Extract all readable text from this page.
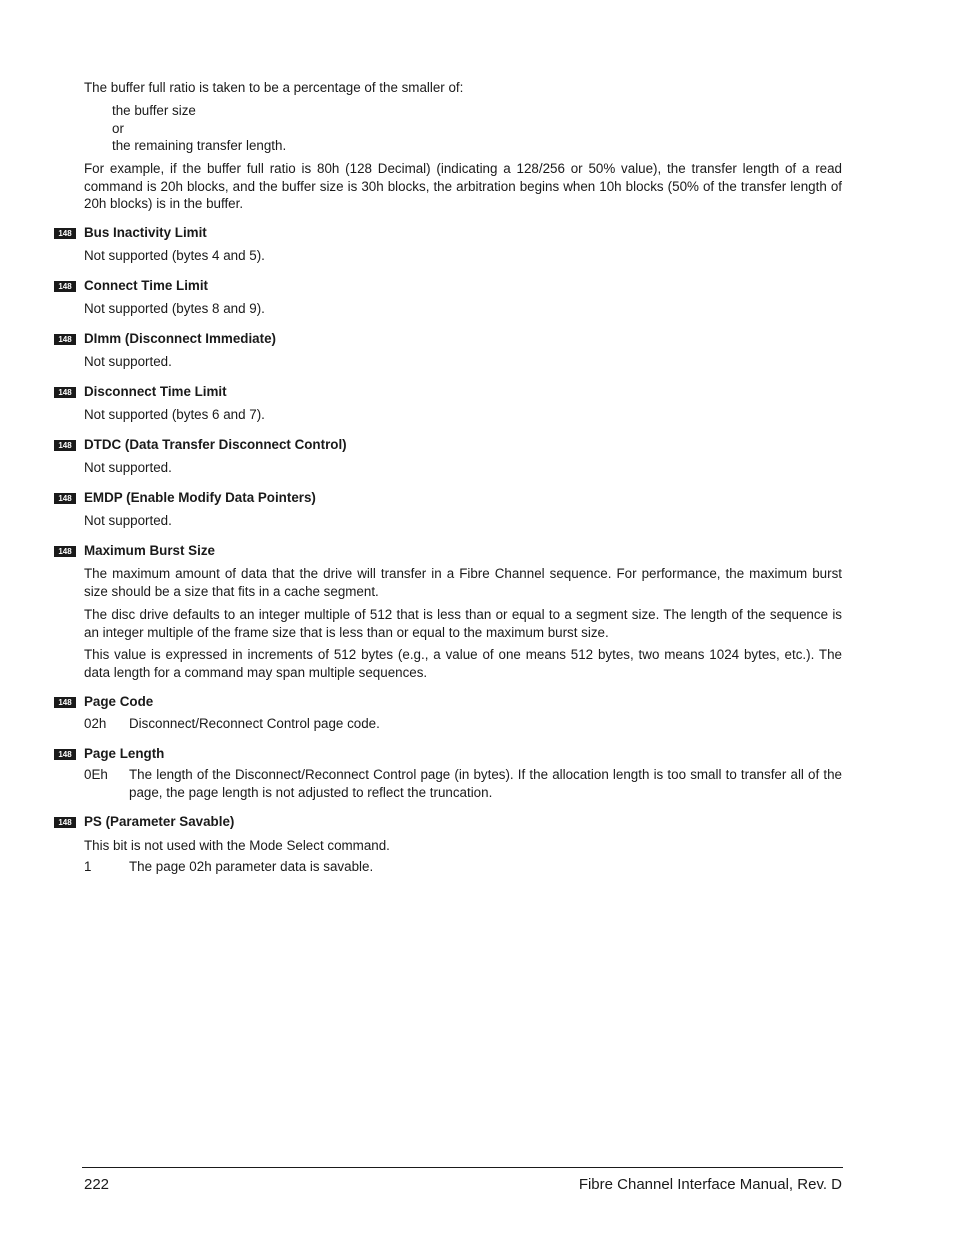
The buffer full ratio is taken to be a percentage of the smaller of:

the buffer size

or

the remaining transfer length.

For example, if the buffer full ratio is 80h (128 Decimal) (indicating a 128/256 or 50% value), the transfer length of a read command is 20h blocks, and the buffer size is 30h blocks, the arbitration begins when 10h blocks (50% of the transfer length of 20h blocks) is in the buffer.

148 Bus Inactivity Limit

Not supported (bytes 4 and 5).

148 Connect Time Limit

Not supported (bytes 8 and 9).

148 DImm (Disconnect Immediate)

Not supported.

148 Disconnect Time Limit

Not supported (bytes 6 and 7).

148 DTDC (Data Transfer Disconnect Control)

Not supported.

148 EMDP (Enable Modify Data Pointers)

Not supported.

148 Maximum Burst Size

The maximum amount of data that the drive will transfer in a Fibre Channel sequence. For performance, the maximum burst size should be a size that fits in a cache segment.

The disc drive defaults to an integer multiple of 512 that is less than or equal to a segment size. The length of the sequence is an integer multiple of the frame size that is less than or equal to the maximum burst size.

This value is expressed in increments of 512 bytes (e.g., a value of one means 512 bytes, two means 1024 bytes, etc.). The data length for a command may span multiple sequences.

148 Page Code

02h Disconnect/Reconnect Control page code.
148 Page Length

0Eh The length of the Disconnect/Reconnect Control page (in bytes). If the allocation length is too small to transfer all of the page, the page length is not adjusted to reflect the truncation.
148 PS (Parameter Savable)

This bit is not used with the Mode Select command.

1	The page 02h parameter data is savable.
222	Fibre Channel Interface Manual, Rev. D
